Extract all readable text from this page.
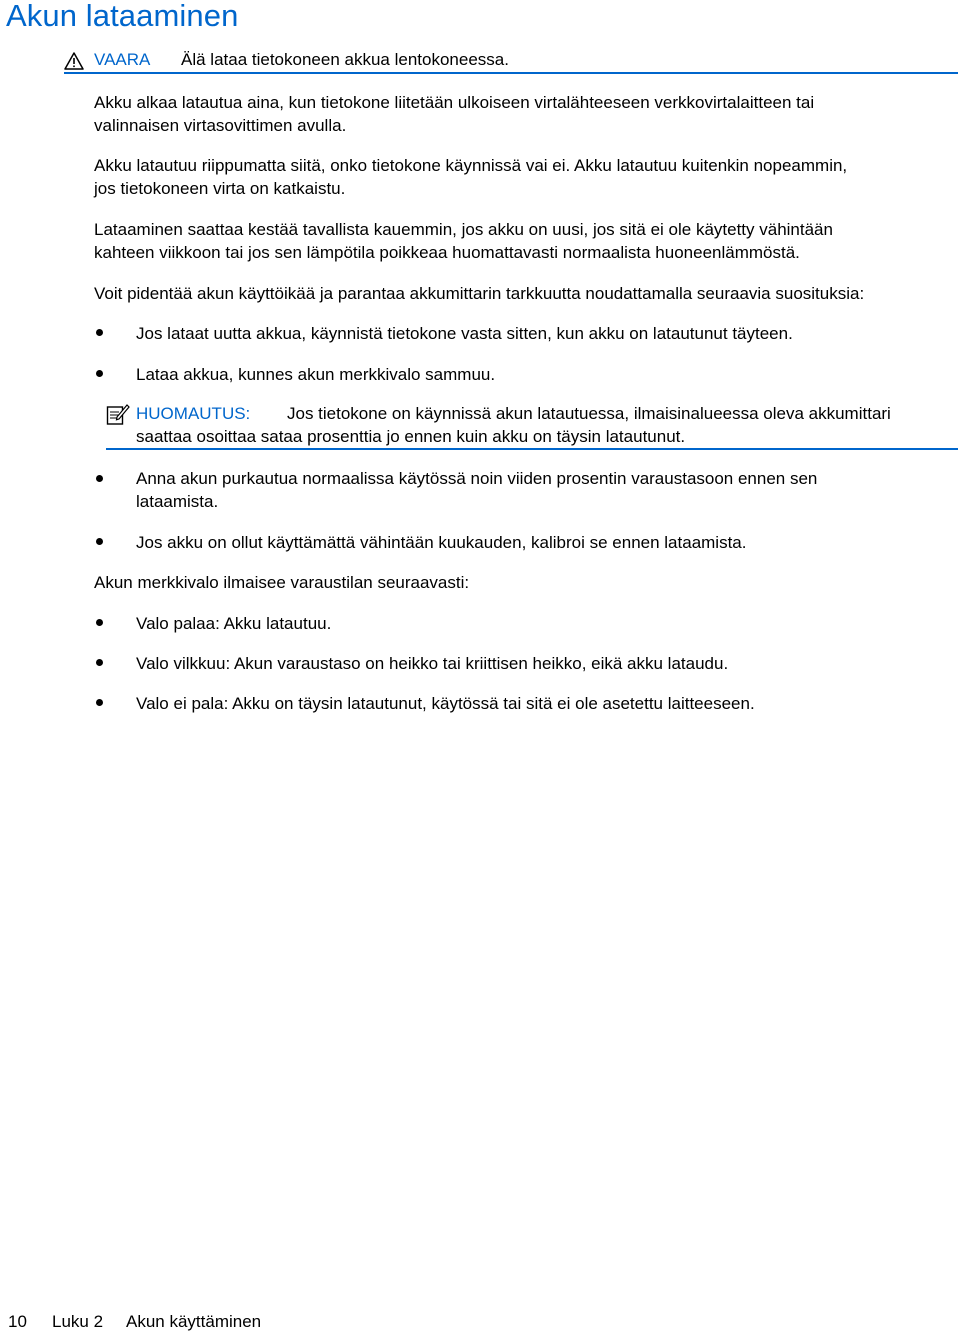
Akun lataaminen
VAARA Älä lataa tietokoneen akkua lentokoneessa.

Akku alkaa latautua aina, kun tietokone liitetään ulkoiseen virtalähteeseen verkkovirtalaitteen tai

valinnaisen virtasovittimen avulla.

Akku latautuu riippumatta siitä, onko tietokone käynnissä vai ei. Akku latautuu kuitenkin nopeammin,

jos tietokoneen virta on katkaistu.

Lataaminen saattaa kestää tavallista kauemmin, jos akku on uusi, jos sitä ei ole käytetty vähintään

kahteen viikkoon tai jos sen lämpötila poikkeaa huomattavasti normaalista huoneenlämmöstä.

Voit pidentää akun käyttöikää ja parantaa akkumittarin tarkkuutta noudattamalla seuraavia suosituksia:

Jos lataat uutta akkua, käynnistä tietokone vasta sitten, kun akku on latautunut täyteen.

Lataa akkua, kunnes akun merkkivalo sammuu.

HUOMAUTUS: Jos tietokone on käynnissä akun latautuessa, ilmaisinalueessa oleva akkumittari
saattaa osoittaa sataa prosenttia jo ennen kuin akku on täysin latautunut.

Anna akun purkautua normaalissa käytössä noin viiden prosentin varaustasoon ennen sen

lataamista.

Jos akku on ollut käyttämättä vähintään kuukauden, kalibroi se ennen lataamista.

Akun merkkivalo ilmaisee varaustilan seuraavasti:

Valo palaa: Akku latautuu.

Valo vilkkuu: Akun varaustaso on heikko tai kriittisen heikko, eikä akku lataudu.

Valo ei pala: Akku on täysin latautunut, käytössä tai sitä ei ole asetettu laitteeseen.

10 Luku 2 Akun käyttäminen
